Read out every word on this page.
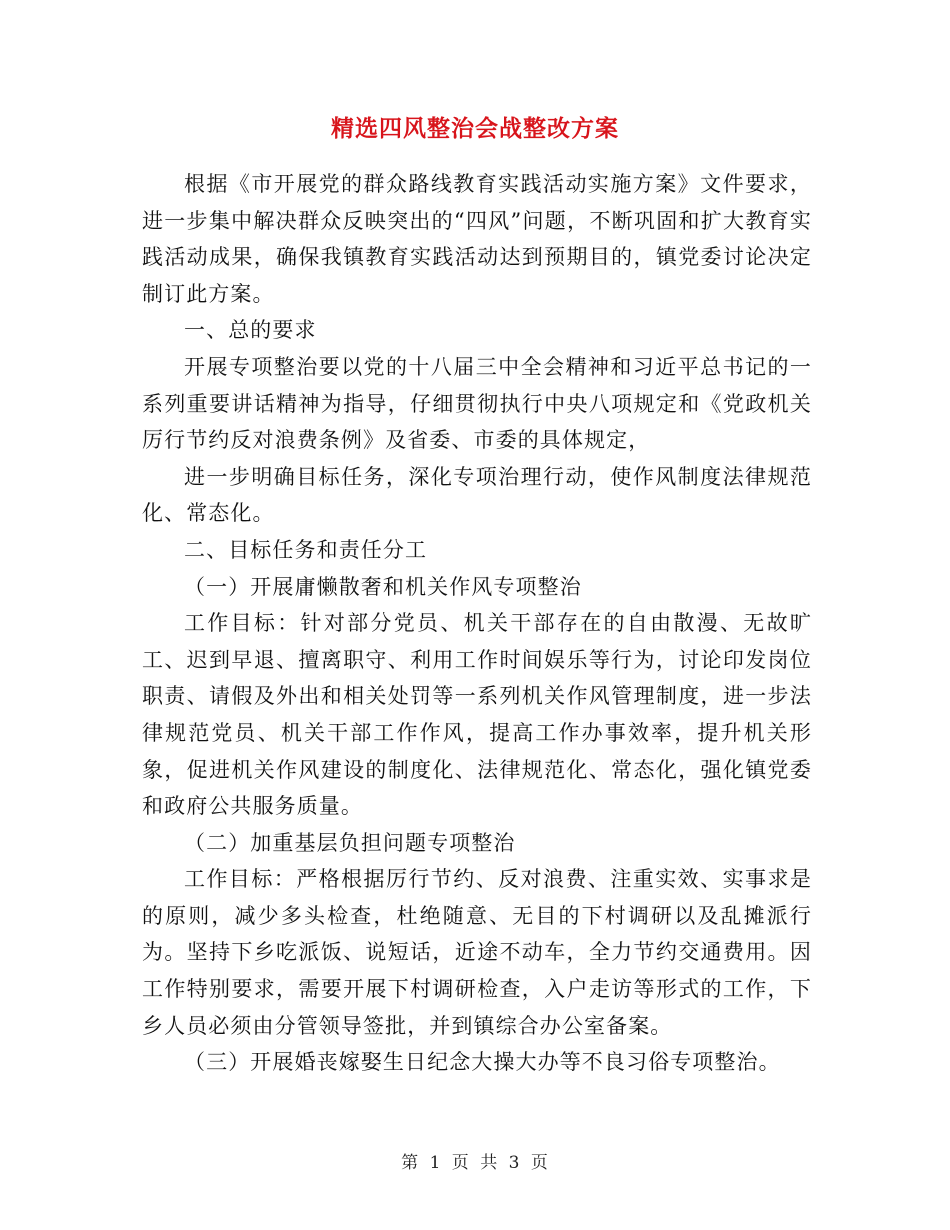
精选四风整治会战整改方案

根据《市开展党的群众路线教育实践活动实施方案》文件要求，进一步集中解决群众反映突出的“四风”问题，不断巩固和扩大教育实践活动成果，确保我镇教育实践活动达到预期目的，镇党委讨论决定制订此方案。

一、总的要求

开展专项整治要以党的十八届三中全会精神和习近平总书记的一系列重要讲话精神为指导，仔细贯彻执行中央八项规定和《党政机关厉行节约反对浪费条例》及省委、市委的具体规定，

进一步明确目标任务，深化专项治理行动，使作风制度法律规范化、常态化。

二、目标任务和责任分工

（一）开展庸懒散奢和机关作风专项整治

工作目标：针对部分党员、机关干部存在的自由散漫、无故旷工、迟到早退、擅离职守、利用工作时间娱乐等行为，讨论印发岗位职责、请假及外出和相关处罚等一系列机关作风管理制度，进一步法律规范党员、机关干部工作作风，提高工作办事效率，提升机关形象，促进机关作风建设的制度化、法律规范化、常态化，强化镇党委和政府公共服务质量。

（二）加重基层负担问题专项整治

工作目标：严格根据厉行节约、反对浪费、注重实效、实事求是的原则，减少多头检查，杜绝随意、无目的下村调研以及乱摊派行为。坚持下乡吃派饭、说短话，近途不动车，全力节约交通费用。因工作特别要求，需要开展下村调研检查，入户走访等形式的工作，下乡人员必须由分管领导签批，并到镇综合办公室备案。

（三）开展婚丧嫁娶生日纪念大操大办等不良习俗专项整治。

第 1 页 共 3 页
